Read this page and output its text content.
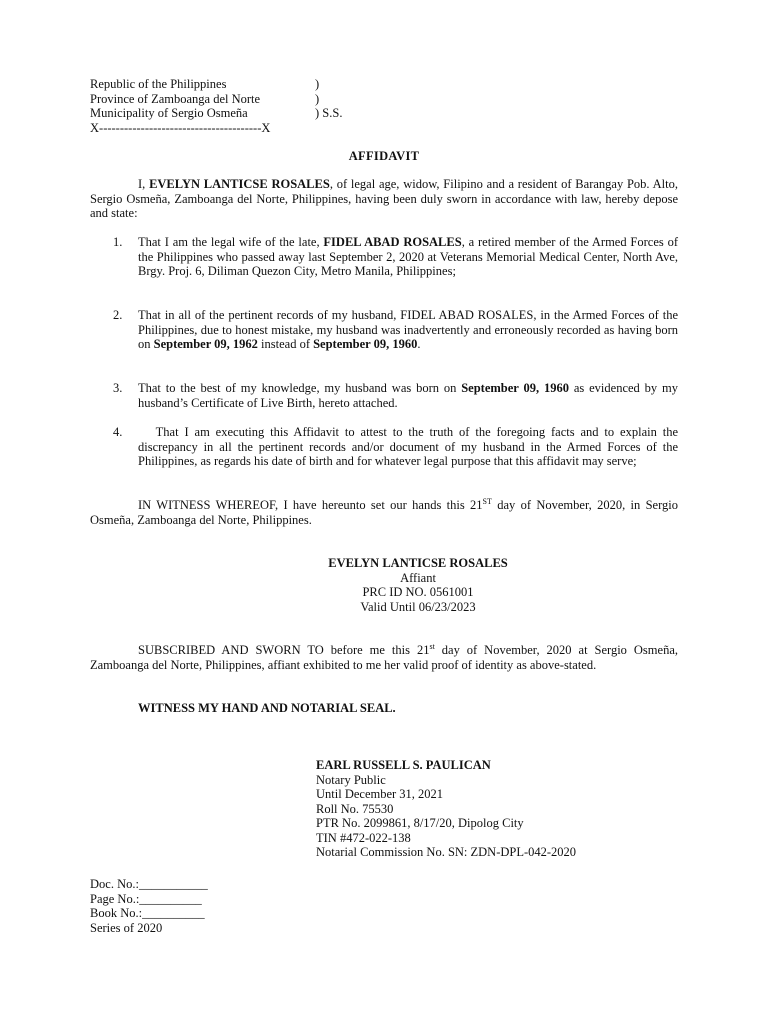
Republic of the Philippines	)
Province of Zamboanga del Norte	)
Municipality of Sergio Osmeña	) S.S.
X---------------------------------------X
AFFIDAVIT
I, EVELYN LANTICSE ROSALES, of legal age, widow, Filipino and a resident of Barangay Pob. Alto, Sergio Osmeña, Zamboanga del Norte, Philippines, having been duly sworn in accordance with law, hereby depose and state:
1. That I am the legal wife of the late, FIDEL ABAD ROSALES, a retired member of the Armed Forces of the Philippines who passed away last September 2, 2020 at Veterans Memorial Medical Center, North Ave, Brgy. Proj. 6, Diliman Quezon City, Metro Manila, Philippines;
2. That in all of the pertinent records of my husband, FIDEL ABAD ROSALES, in the Armed Forces of the Philippines, due to honest mistake, my husband was inadvertently and erroneously recorded as having born on September 09, 1962 instead of September 09, 1960.
3. That to the best of my knowledge, my husband was born on September 09, 1960 as evidenced by my husband’s Certificate of Live Birth, hereto attached.
4. That I am executing this Affidavit to attest to the truth of the foregoing facts and to explain the discrepancy in all the pertinent records and/or document of my husband in the Armed Forces of the Philippines, as regards his date of birth and for whatever legal purpose that this affidavit may serve;
IN WITNESS WHEREOF, I have hereunto set our hands this 21ST day of November, 2020, in Sergio Osmeña, Zamboanga del Norte, Philippines.
EVELYN LANTICSE ROSALES
Affiant
PRC ID NO. 0561001
Valid Until 06/23/2023
SUBSCRIBED AND SWORN TO before me this 21st day of November, 2020 at Sergio Osmeña, Zamboanga del Norte, Philippines, affiant exhibited to me her valid proof of identity as above-stated.
WITNESS MY HAND AND NOTARIAL SEAL.
EARL RUSSELL S. PAULICAN
Notary Public
Until December 31, 2021
Roll No. 75530
PTR No. 2099861, 8/17/20, Dipolog City
TIN #472-022-138
Notarial Commission No. SN: ZDN-DPL-042-2020
Doc. No.:___________
Page No.:__________
Book No.:__________
Series of 2020
